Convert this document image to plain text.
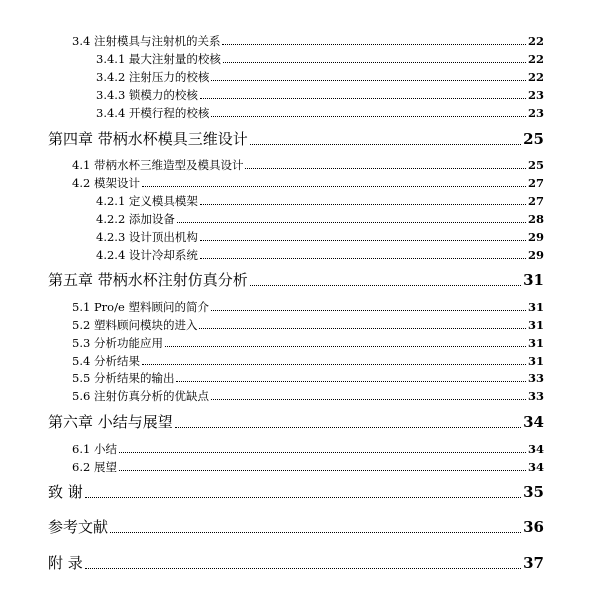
3.4 注射模具与注射机的关系	22
3.4.1 最大注射量的校核	22
3.4.2 注射压力的校核	22
3.4.3 锁模力的校核	23
3.4.4 开模行程的校核	23
第四章 带柄水杯模具三维设计	25
4.1 带柄水杯三维造型及模具设计	25
4.2 模架设计	27
4.2.1 定义模具模架	27
4.2.2 添加设备	28
4.2.3 设计顶出机构	29
4.2.4 设计冷却系统	29
第五章 带柄水杯注射仿真分析	31
5.1 Pro/e 塑料顾问的简介	31
5.2 塑料顾问模块的进入	31
5.3 分析功能应用	31
5.4 分析结果	31
5.5 分析结果的输出	33
5.6 注射仿真分析的优缺点	33
第六章 小结与展望	34
6.1 小结	34
6.2 展望	34
致 谢	35
参考文献	36
附 录	37
